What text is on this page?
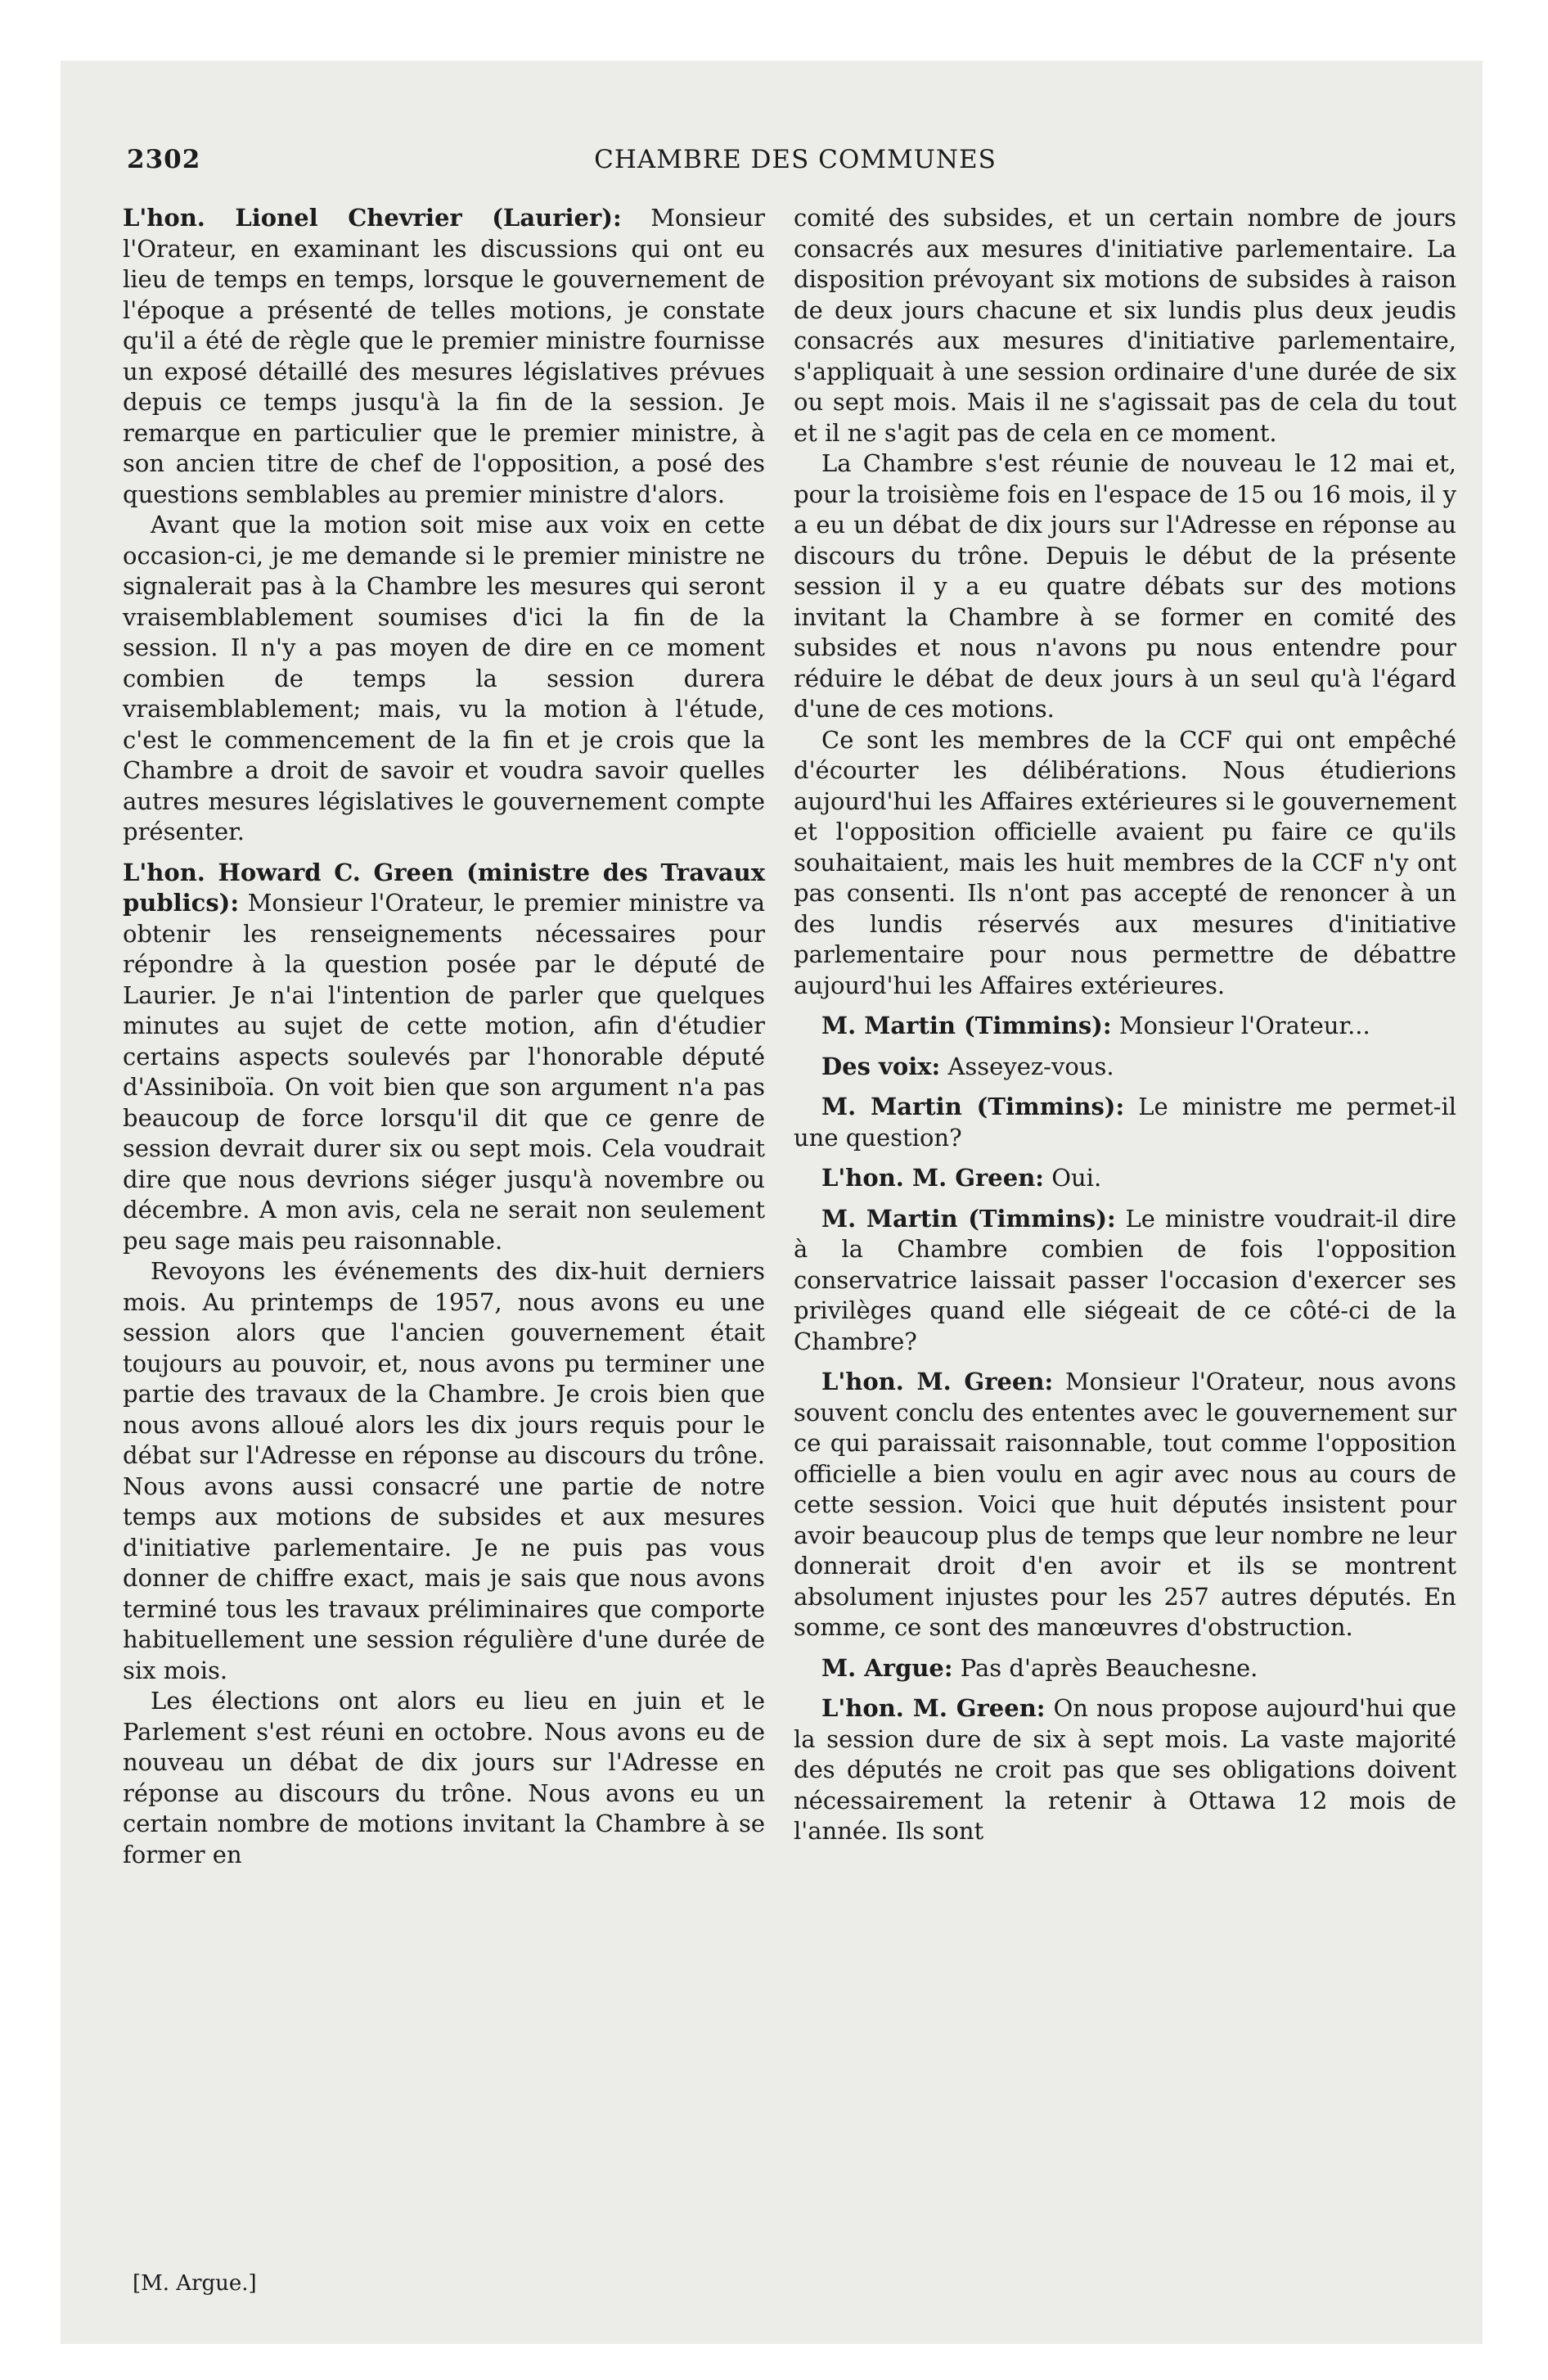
2302	CHAMBRE DES COMMUNES

L'hon. Lionel Chevrier (Laurier): Monsieur l'Orateur, en examinant les discussions qui ont eu lieu de temps en temps, lorsque le gouvernement de l'époque a présenté de telles motions, je constate qu'il a été de règle que le premier ministre fournisse un exposé détaillé des mesures législatives prévues depuis ce temps jusqu'à la fin de la session. Je remarque en particulier que le premier ministre, à son ancien titre de chef de l'opposition, a posé des questions semblables au premier ministre d'alors.

Avant que la motion soit mise aux voix en cette occasion-ci, je me demande si le premier ministre ne signalerait pas à la Chambre les mesures qui seront vraisemblablement soumises d'ici la fin de la session. Il n'y a pas moyen de dire en ce moment combien de temps la session durera vraisemblablement; mais, vu la motion à l'étude, c'est le commencement de la fin et je crois que la Chambre a droit de savoir et voudra savoir quelles autres mesures législatives le gouvernement compte présenter.

L'hon. Howard C. Green (ministre des Travaux publics): Monsieur l'Orateur, le premier ministre va obtenir les renseignements nécessaires pour répondre à la question posée par le député de Laurier. Je n'ai l'intention de parler que quelques minutes au sujet de cette motion, afin d'étudier certains aspects soulevés par l'honorable député d'Assiniboïa. On voit bien que son argument n'a pas beaucoup de force lorsqu'il dit que ce genre de session devrait durer six ou sept mois. Cela voudrait dire que nous devrions siéger jusqu'à novembre ou décembre. A mon avis, cela ne serait non seulement peu sage mais peu raisonnable.

Revoyons les événements des dix-huit derniers mois. Au printemps de 1957, nous avons eu une session alors que l'ancien gouvernement était toujours au pouvoir, et, nous avons pu terminer une partie des travaux de la Chambre. Je crois bien que nous avons alloué alors les dix jours requis pour le débat sur l'Adresse en réponse au discours du trône. Nous avons aussi consacré une partie de notre temps aux motions de subsides et aux mesures d'initiative parlementaire. Je ne puis pas vous donner de chiffre exact, mais je sais que nous avons terminé tous les travaux préliminaires que comporte habituellement une session régulière d'une durée de six mois.

Les élections ont alors eu lieu en juin et le Parlement s'est réuni en octobre. Nous avons eu de nouveau un débat de dix jours sur l'Adresse en réponse au discours du trône. Nous avons eu un certain nombre de motions invitant la Chambre à se former en

comité des subsides, et un certain nombre de jours consacrés aux mesures d'initiative parlementaire. La disposition prévoyant six motions de subsides à raison de deux jours chacune et six lundis plus deux jeudis consacrés aux mesures d'initiative parlementaire, s'appliquait à une session ordinaire d'une durée de six ou sept mois. Mais il ne s'agissait pas de cela du tout et il ne s'agit pas de cela en ce moment.

La Chambre s'est réunie de nouveau le 12 mai et, pour la troisième fois en l'espace de 15 ou 16 mois, il y a eu un débat de dix jours sur l'Adresse en réponse au discours du trône. Depuis le début de la présente session il y a eu quatre débats sur des motions invitant la Chambre à se former en comité des subsides et nous n'avons pu nous entendre pour réduire le débat de deux jours à un seul qu'à l'égard d'une de ces motions.

Ce sont les membres de la CCF qui ont empêché d'écourter les délibérations. Nous étudierions aujourd'hui les Affaires extérieures si le gouvernement et l'opposition officielle avaient pu faire ce qu'ils souhaitaient, mais les huit membres de la CCF n'y ont pas consenti. Ils n'ont pas accepté de renoncer à un des lundis réservés aux mesures d'initiative parlementaire pour nous permettre de débattre aujourd'hui les Affaires extérieures.

M. Martin (Timmins): Monsieur l'Orateur...

Des voix: Asseyez-vous.

M. Martin (Timmins): Le ministre me permet-il une question?

L'hon. M. Green: Oui.

M. Martin (Timmins): Le ministre voudrait-il dire à la Chambre combien de fois l'opposition conservatrice laissait passer l'occasion d'exercer ses privilèges quand elle siégeait de ce côté-ci de la Chambre?

L'hon. M. Green: Monsieur l'Orateur, nous avons souvent conclu des ententes avec le gouvernement sur ce qui paraissait raisonnable, tout comme l'opposition officielle a bien voulu en agir avec nous au cours de cette session. Voici que huit députés insistent pour avoir beaucoup plus de temps que leur nombre ne leur donnerait droit d'en avoir et ils se montrent absolument injustes pour les 257 autres députés. En somme, ce sont des manœuvres d'obstruction.

M. Argue: Pas d'après Beauchesne.

L'hon. M. Green: On nous propose aujourd'hui que la session dure de six à sept mois. La vaste majorité des députés ne croit pas que ses obligations doivent nécessairement la retenir à Ottawa 12 mois de l'année. Ils sont

[M. Argue.]
